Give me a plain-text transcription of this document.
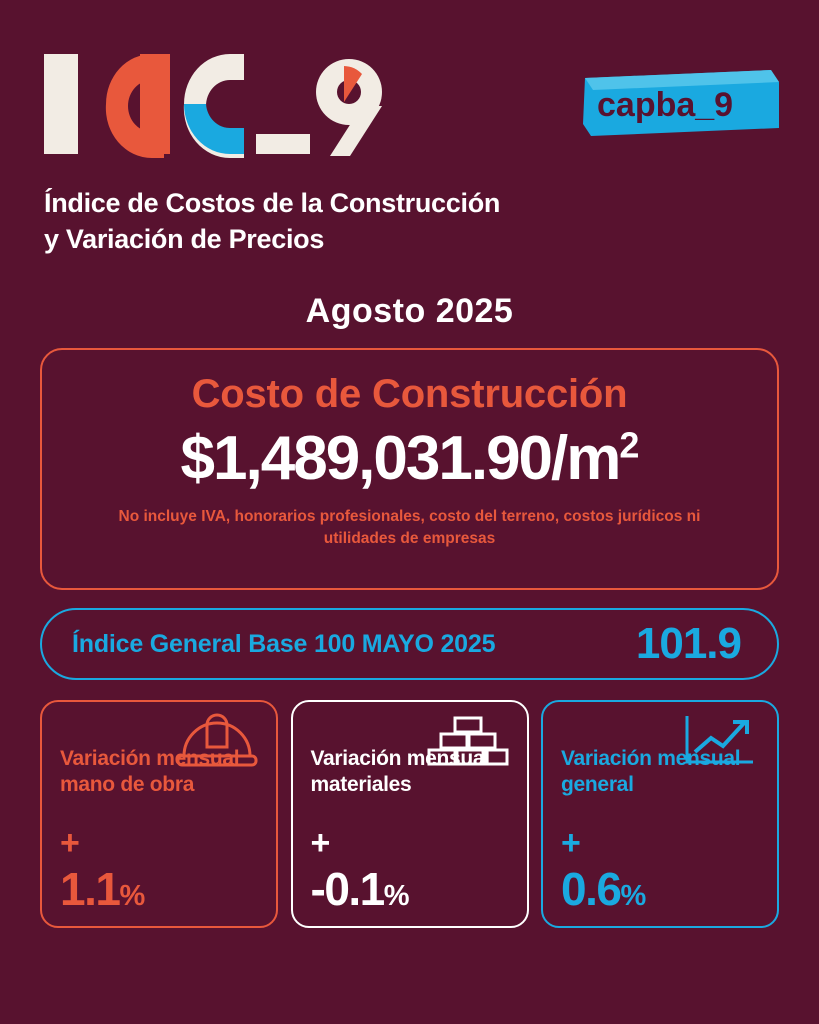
capba_9
Índice de Costos de la Construcción
y Variación de Precios
Agosto 2025
Costo de Construcción
$\$1,489,031.90/m^2$
No incluye IVA, honorarios profesionales, costo del terreno, costos jurídicos ni utilidades de empresas
Índice General Base 100 MAYO 2025	101.9
Variación mensual mano de obra
+
1.1%
Variación mensual materiales
+
-0.1%
Variación mensual general
+
0.6%
